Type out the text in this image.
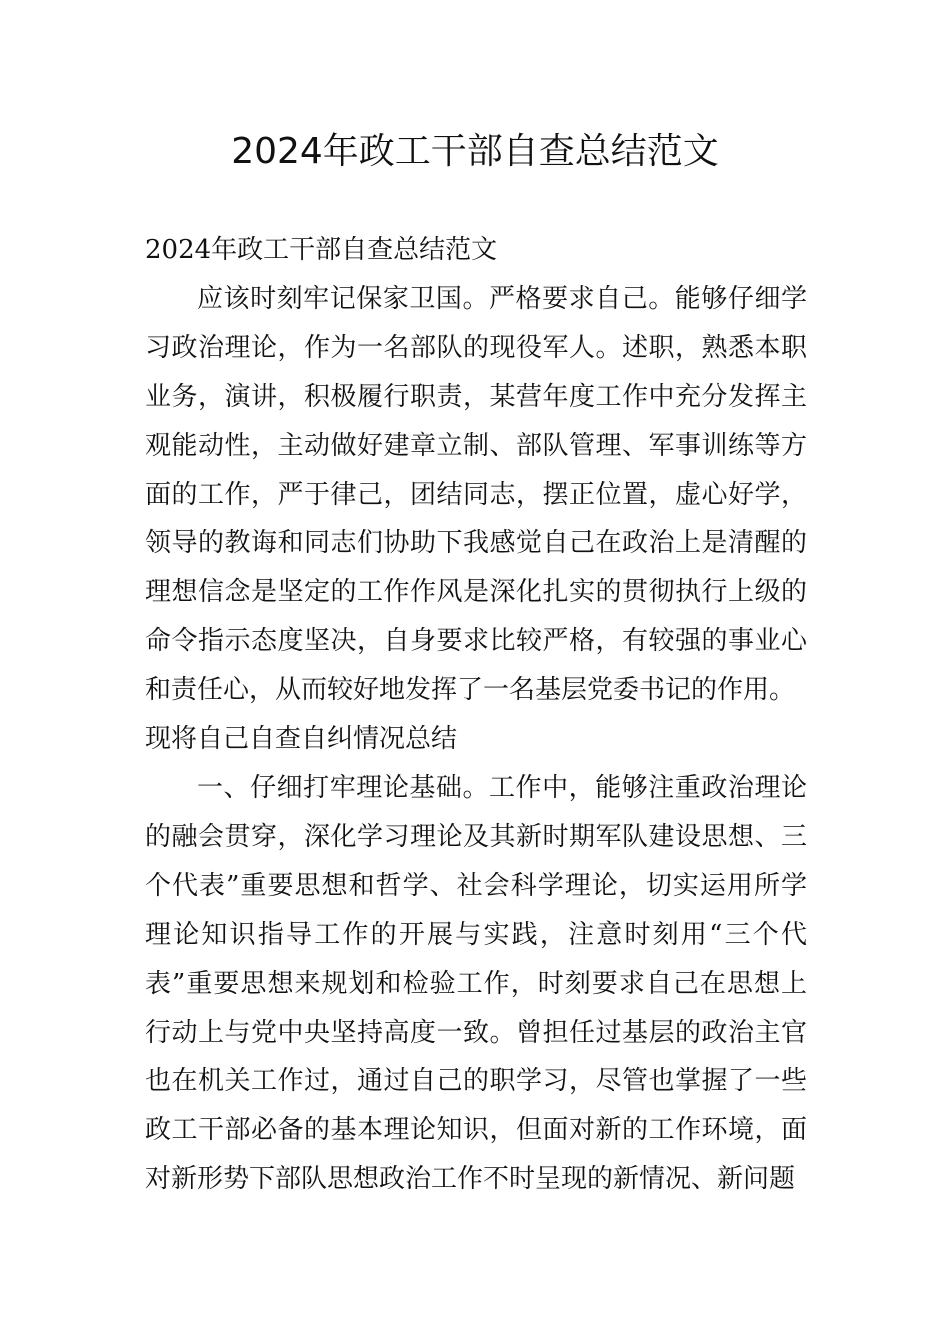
2024年政工干部自查总结范文

2024年政工干部自查总结范文

应该时刻牢记保家卫国。严格要求自己。能够仔细学习政治理论，作为一名部队的现役军人。述职，熟悉本职业务，演讲，积极履行职责，某营年度工作中充分发挥主观能动性，主动做好建章立制、部队管理、军事训练等方面的工作，严于律己，团结同志，摆正位置，虚心好学，领导的教诲和同志们协助下我感觉自己在政治上是清醒的理想信念是坚定的工作作风是深化扎实的贯彻执行上级的命令指示态度坚决，自身要求比较严格，有较强的事业心和责任心，从而较好地发挥了一名基层党委书记的作用。

现将自己自查自纠情况总结

一、仔细打牢理论基础。工作中，能够注重政治理论的融会贯穿，深化学习理论及其新时期军队建设思想、三个代表”重要思想和哲学、社会科学理论，切实运用所学理论知识指导工作的开展与实践，注意时刻用“三个代表”重要思想来规划和检验工作，时刻要求自己在思想上行动上与党中央坚持高度一致。曾担任过基层的政治主官也在机关工作过，通过自己的职学习，尽管也掌握了一些政工干部必备的基本理论知识，但面对新的工作环境，面对新形势下部队思想政治工作不时呈现的新情况、新问题
